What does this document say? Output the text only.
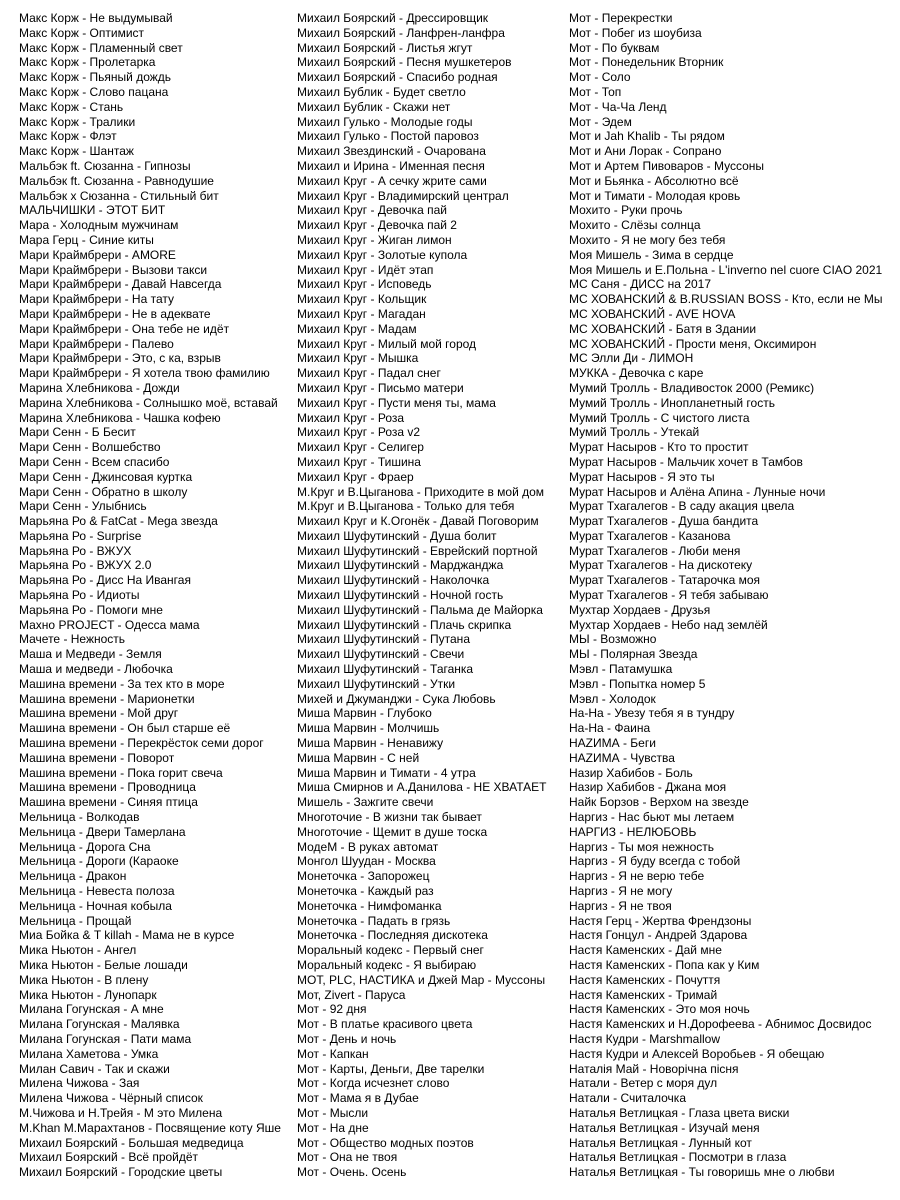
Макс Корж - Не выдумывай
Макс Корж - Оптимист
Макс Корж - Пламенный свет
Макс Корж - Пролетарка
Макс Корж - Пьяный дождь
Макс Корж - Слово пацана
Макс Корж - Стань
Макс Корж - Тралики
Макс Корж - Флэт
Макс Корж - Шантаж
Мальбэк ft. Сюзанна - Гипнозы
Мальбэк ft. Сюзанна - Равнодушие
Мальбэк x Сюзанна - Стильный бит
МАЛЬЧИШКИ - ЭТОТ БИТ
Мара - Холодным мужчинам
Мара Герц - Синие киты
Мари Краймбрери - AMORE
Мари Краймбрери - Вызови такси
Мари Краймбрери - Давай Навсегда
Мари Краймбрери - На тату
Мари Краймбрери - Не в адеквате
Мари Краймбрери - Она тебе не идёт
Мари Краймбрери - Палево
Мари Краймбрери - Это, с ка, взрыв
Мари Краймбрери - Я хотела твою фамилию
Марина Хлебникова - Дожди
Марина Хлебникова - Солнышко моё, вставай
Марина Хлебникова - Чашка кофею
Мари Сенн - Б Бесит
Мари Сенн - Волшебство
Мари Сенн - Всем спасибо
Мари Сенн - Джинсовая куртка
Мари Сенн - Обратно в школу
Мари Сенн - Улыбнись
Марьяна Ро & FatCat - Mega звезда
Марьяна Ро - Surprise
Марьяна Ро - ВЖУХ
Марьяна Ро - ВЖУХ 2.0
Марьяна Ро - Дисс На Ивангая
Марьяна Ро - Идиоты
Марьяна Ро - Помоги мне
Махно PROJECT - Одесса мама
Мачете - Нежность
Маша и Медведи - Земля
Маша и медведи - Любочка
Машина времени - За тех кто в море
Машина времени - Марионетки
Машина времени - Мой друг
Машина времени - Он был старше её
Машина времени - Перекрёсток семи дорог
Машина времени - Поворот
Машина времени - Пока горит свеча
Машина времени - Проводница
Машина времени - Синяя птица
Мельница - Волкодав
Мельница - Двери Тамерлана
Мельница - Дорога Сна
Мельница - Дороги (Караоке
Мельница - Дракон
Мельница - Невеста полоза
Мельница - Ночная кобыла
Мельница - Прощай
Миа Бойка & T killah - Мама не в курсе
Мика Ньютон - Ангел
Мика Ньютон - Белые лошади
Мика Ньютон - В плену
Мика Ньютон - Лунопарк
Милана Гогунская - А мне
Милана Гогунская - Малявка
Милана Гогунская - Пати мама
Милана Хаметова - Умка
Милан Савич - Так и скажи
Милена Чижова - Зая
Милена Чижова - Чёрный список
М.Чижова и Н.Трейя - М это Милена
M.Khan M.Марахтанов - Посвящение коту Яше
Михаил Боярский - Большая медведица
Михаил Боярский - Всё пройдёт
Михаил Боярский - Городские цветы
Михаил Боярский - Дрессировщик
Михаил Боярский - Ланфрен-ланфра
Михаил Боярский - Листья жгут
Михаил Боярский - Песня мушкетеров
Михаил Боярский - Спасибо родная
Михаил Бублик - Будет светло
Михаил Бублик - Скажи нет
Михаил Гулько - Молодые годы
Михаил Гулько - Постой паровоз
Михаил Звездинский - Очарована
Михаил и Ирина - Именная песня
Михаил Круг - А сечку жрите сами
Михаил Круг - Владимирский централ
Михаил Круг - Девочка пай
Михаил Круг - Девочка пай 2
Михаил Круг - Жиган лимон
Михаил Круг - Золотые купола
Михаил Круг - Идёт этап
Михаил Круг - Исповедь
Михаил Круг - Кольщик
Михаил Круг - Магадан
Михаил Круг - Мадам
Михаил Круг - Милый мой город
Михаил Круг - Мышка
Михаил Круг - Падал снег
Михаил Круг - Письмо матери
Михаил Круг - Пусти меня ты, мама
Михаил Круг - Роза
Михаил Круг - Роза v2
Михаил Круг - Селигер
Михаил Круг - Тишина
Михаил Круг - Фраер
М.Круг и В.Цыганова - Приходите в мой дом
М.Круг и В.Цыганова - Только для тебя
Михаил Круг и К.Огонёк - Давай Поговорим
Михаил Шуфутинский - Душа болит
Михаил Шуфутинский - Еврейский портной
Михаил Шуфутинский - Марджанджа
Михаил Шуфутинский - Наколочка
Михаил Шуфутинский - Ночной гость
Михаил Шуфутинский - Пальма де Майорка
Михаил Шуфутинский - Плачь скрипка
Михаил Шуфутинский - Путана
Михаил Шуфутинский - Свечи
Михаил Шуфутинский - Таганка
Михаил Шуфутинский - Утки
Михей и Джуманджи - Сука Любовь
Миша Марвин - Глубоко
Миша Марвин - Молчишь
Миша Марвин - Ненавижу
Миша Марвин - С ней
Миша Марвин и Тимати - 4 утра
Миша Смирнов и А.Данилова - НЕ ХВАТАЕТ
Мишель - Зажгите свечи
Многоточие - В жизни так бывает
Многоточие - Щемит в душе тоска
МодеМ - В руках автомат
Монгол Шуудан - Москва
Монеточка - Запорожец
Монеточка - Каждый раз
Монеточка - Нимфоманка
Монеточка - Падать в грязь
Монеточка - Последняя дискотека
Моральный кодекс - Первый снег
Моральный кодекс - Я выбираю
МОТ, PLC, НАСТИКА и Джей Мар - Муссоны
Мот, Zivert - Паруса
Мот - 92 дня
Мот - В платье красивого цвета
Мот - День и ночь
Мот - Капкан
Мот - Карты, Деньги, Две тарелки
Мот - Когда исчезнет слово
Мот - Мама я в Дубае
Мот - Мысли
Мот - На дне
Мот - Общество модных поэтов
Мот - Она не твоя
Мот - Очень. Осень
Мот - Перекрестки
Мот - Побег из шоубиза
Мот - По буквам
Мот - Понедельник Вторник
Мот - Соло
Мот - Топ
Мот - Ча-Ча Ленд
Мот - Эдем
Мот и Jah Khalib - Ты рядом
Мот и Ани Лорак - Сопрано
Мот и Артем Пивоваров - Муссоны
Мот и Бьянка - Абсолютно всё
Мот и Тимати - Молодая кровь
Мохито - Руки прочь
Мохито - Слёзы солнца
Мохито - Я не могу без тебя
Моя Мишель - Зима в сердце
Моя Мишель и Е.Польна - L'inverno nel cuore CIAO 2021
MC Саня - ДИСС на 2017
MC ХОВАНСКИЙ & B.RUSSIAN BOSS - Кто, если не Мы
MC ХОВАНСКИЙ - AVE HOVA
MC ХОВАНСКИЙ - Батя в Здании
MC ХОВАНСКИЙ - Прости меня, Оксимирон
MC Элли Ди - ЛИМОН
МУККА - Девочка с каре
Мумий Тролль - Владивосток 2000 (Ремикс)
Мумий Тролль - Инопланетный гость
Мумий Тролль - С чистого листа
Мумий Тролль - Утекай
Мурат Насыров - Кто то простит
Мурат Насыров - Мальчик хочет в Тамбов
Мурат Насыров - Я это ты
Мурат Насыров и Алёна Апина - Лунные ночи
Мурат Тхагалегов - В саду акация цвела
Мурат Тхагалегов - Душа бандита
Мурат Тхагалегов - Казанова
Мурат Тхагалегов - Люби меня
Мурат Тхагалегов - На дискотеку
Мурат Тхагалегов - Татарочка моя
Мурат Тхагалегов - Я тебя забываю
Мухтар Хордаев - Друзья
Мухтар Хордаев - Небо над землёй
МЫ - Возможно
МЫ - Полярная Звезда
Мэвл - Патамушка
Мэвл - Попытка номер 5
Мэвл - Холодок
На-На - Увезу тебя я в тундру
На-На - Фаина
НАZИМА - Беги
НАZИМА - Чувства
Назир Хабибов - Боль
Назир Хабибов - Джана моя
Найк Борзов - Верхом на звезде
Наргиз - Нас бьют мы летаем
НАРГИЗ - НЕЛЮБОВЬ
Наргиз - Ты моя нежность
Наргиз - Я буду всегда с тобой
Наргиз - Я не верю тебе
Наргиз - Я не могу
Наргиз - Я не твоя
Настя Герц - Жертва Френдзоны
Настя Гонцул - Андрей Здарова
Настя Каменских - Дай мне
Настя Каменских - Попа как у Ким
Настя Каменских - Почуття
Настя Каменских - Тримай
Настя Каменских - Это моя ночь
Настя Каменских и Н.Дорофеева - Абнимос Досвидос
Настя Кудри - Marshmallow
Настя Кудри и Алексей Воробьев - Я обещаю
Наталія Май - Новорічна пісня
Натали - Ветер с моря дул
Натали - Считалочка
Наталья Ветлицкая - Глаза цвета виски
Наталья Ветлицкая - Изучай меня
Наталья Ветлицкая - Лунный кот
Наталья Ветлицкая - Посмотри в глаза
Наталья Ветлицкая - Ты говоришь мне о любви
